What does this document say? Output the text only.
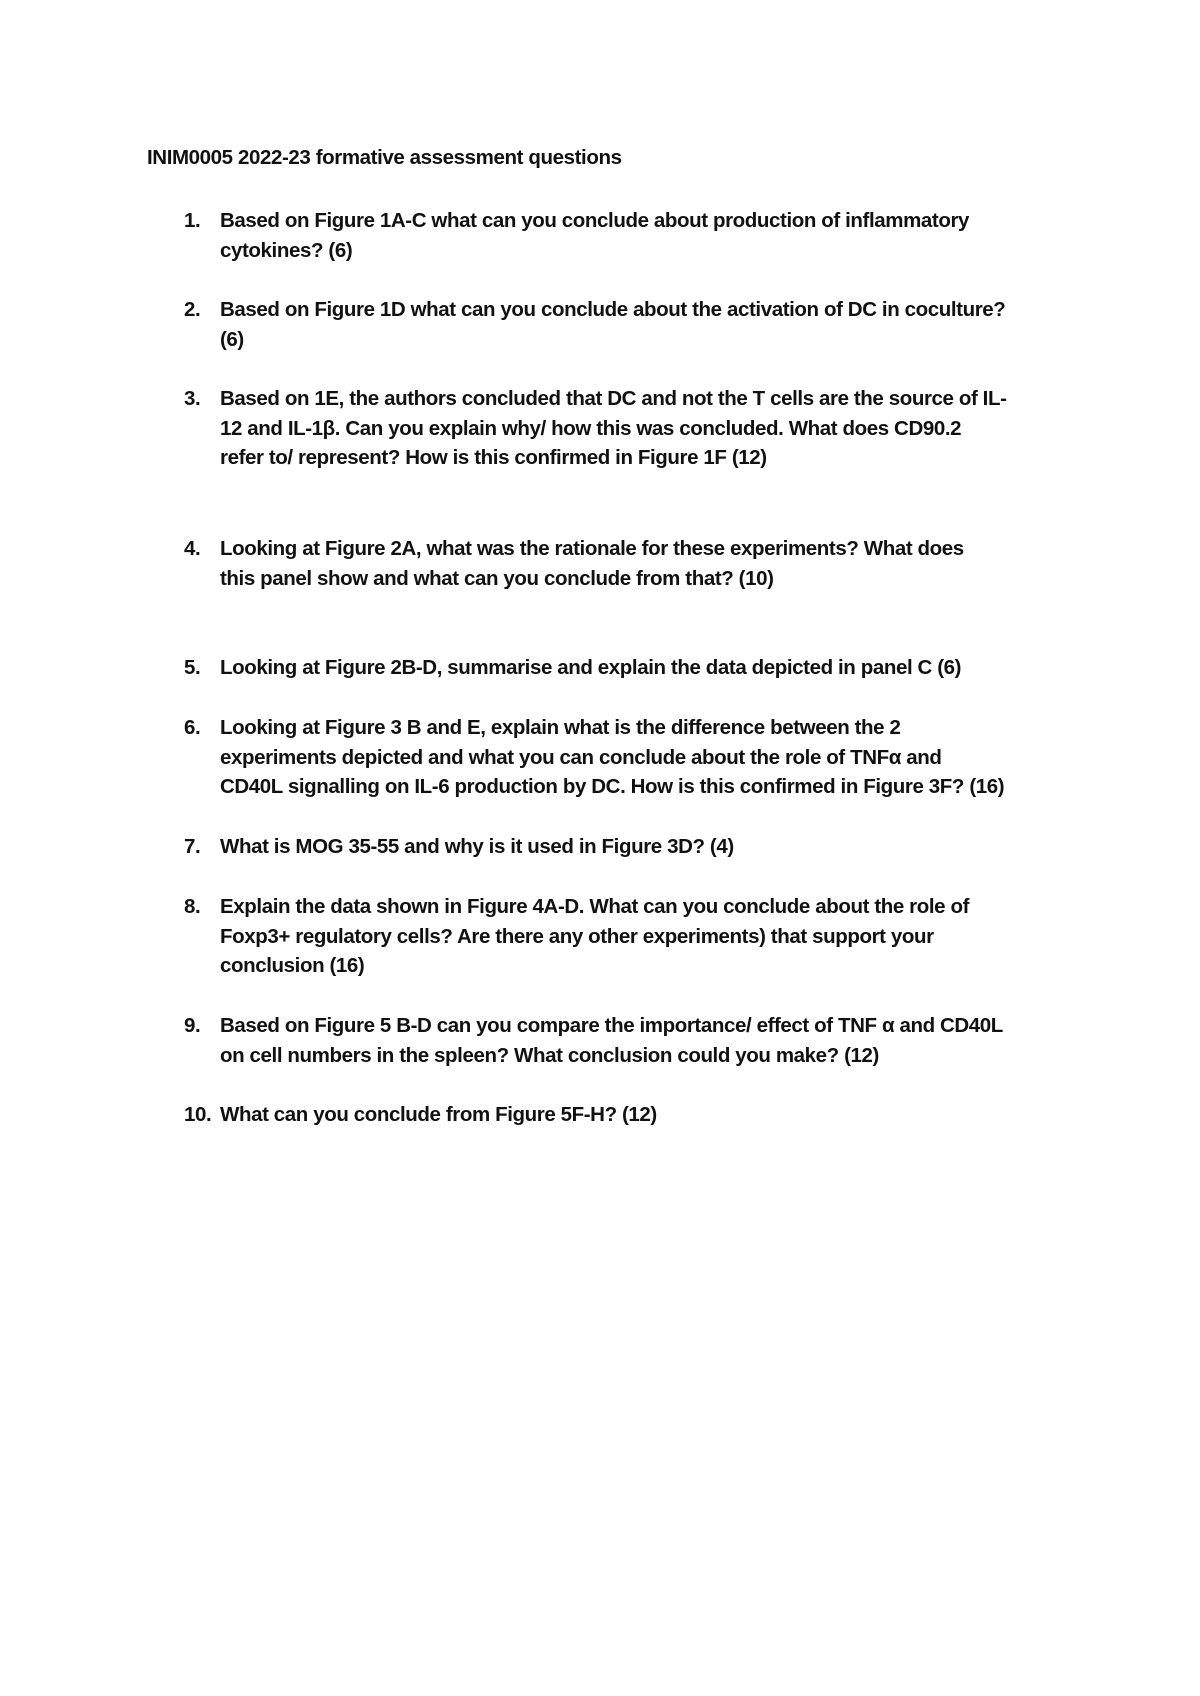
INIM0005 2022-23 formative assessment questions
1. Based on Figure 1A-C what can you conclude about production of inflammatory
cytokines? (6)
2. Based on Figure 1D what can you conclude about the activation of DC in coculture?
(6)
3. Based on 1E, the authors concluded that DC and not the T cells are the source of IL-
12 and IL-1β. Can you explain why/ how this was concluded. What does CD90.2
refer to/ represent? How is this confirmed in Figure 1F (12)
4. Looking at Figure 2A, what was the rationale for these experiments? What does
this panel show and what can you conclude from that? (10)
5. Looking at Figure 2B-D, summarise and explain the data depicted in panel C (6)
6. Looking at Figure 3 B and E, explain what is the difference between the 2
experiments depicted and what you can conclude about the role of TNFα and
CD40L signalling on IL-6 production by DC. How is this confirmed in Figure 3F? (16)
7. What is MOG 35-55 and why is it used in Figure 3D? (4)
8. Explain the data shown in Figure 4A-D. What can you conclude about the role of
Foxp3+ regulatory cells? Are there any other experiments) that support your
conclusion (16)
9. Based on Figure 5 B-D can you compare the importance/ effect of TNF α and CD40L
on cell numbers in the spleen? What conclusion could you make? (12)
10. What can you conclude from Figure 5F-H? (12)
